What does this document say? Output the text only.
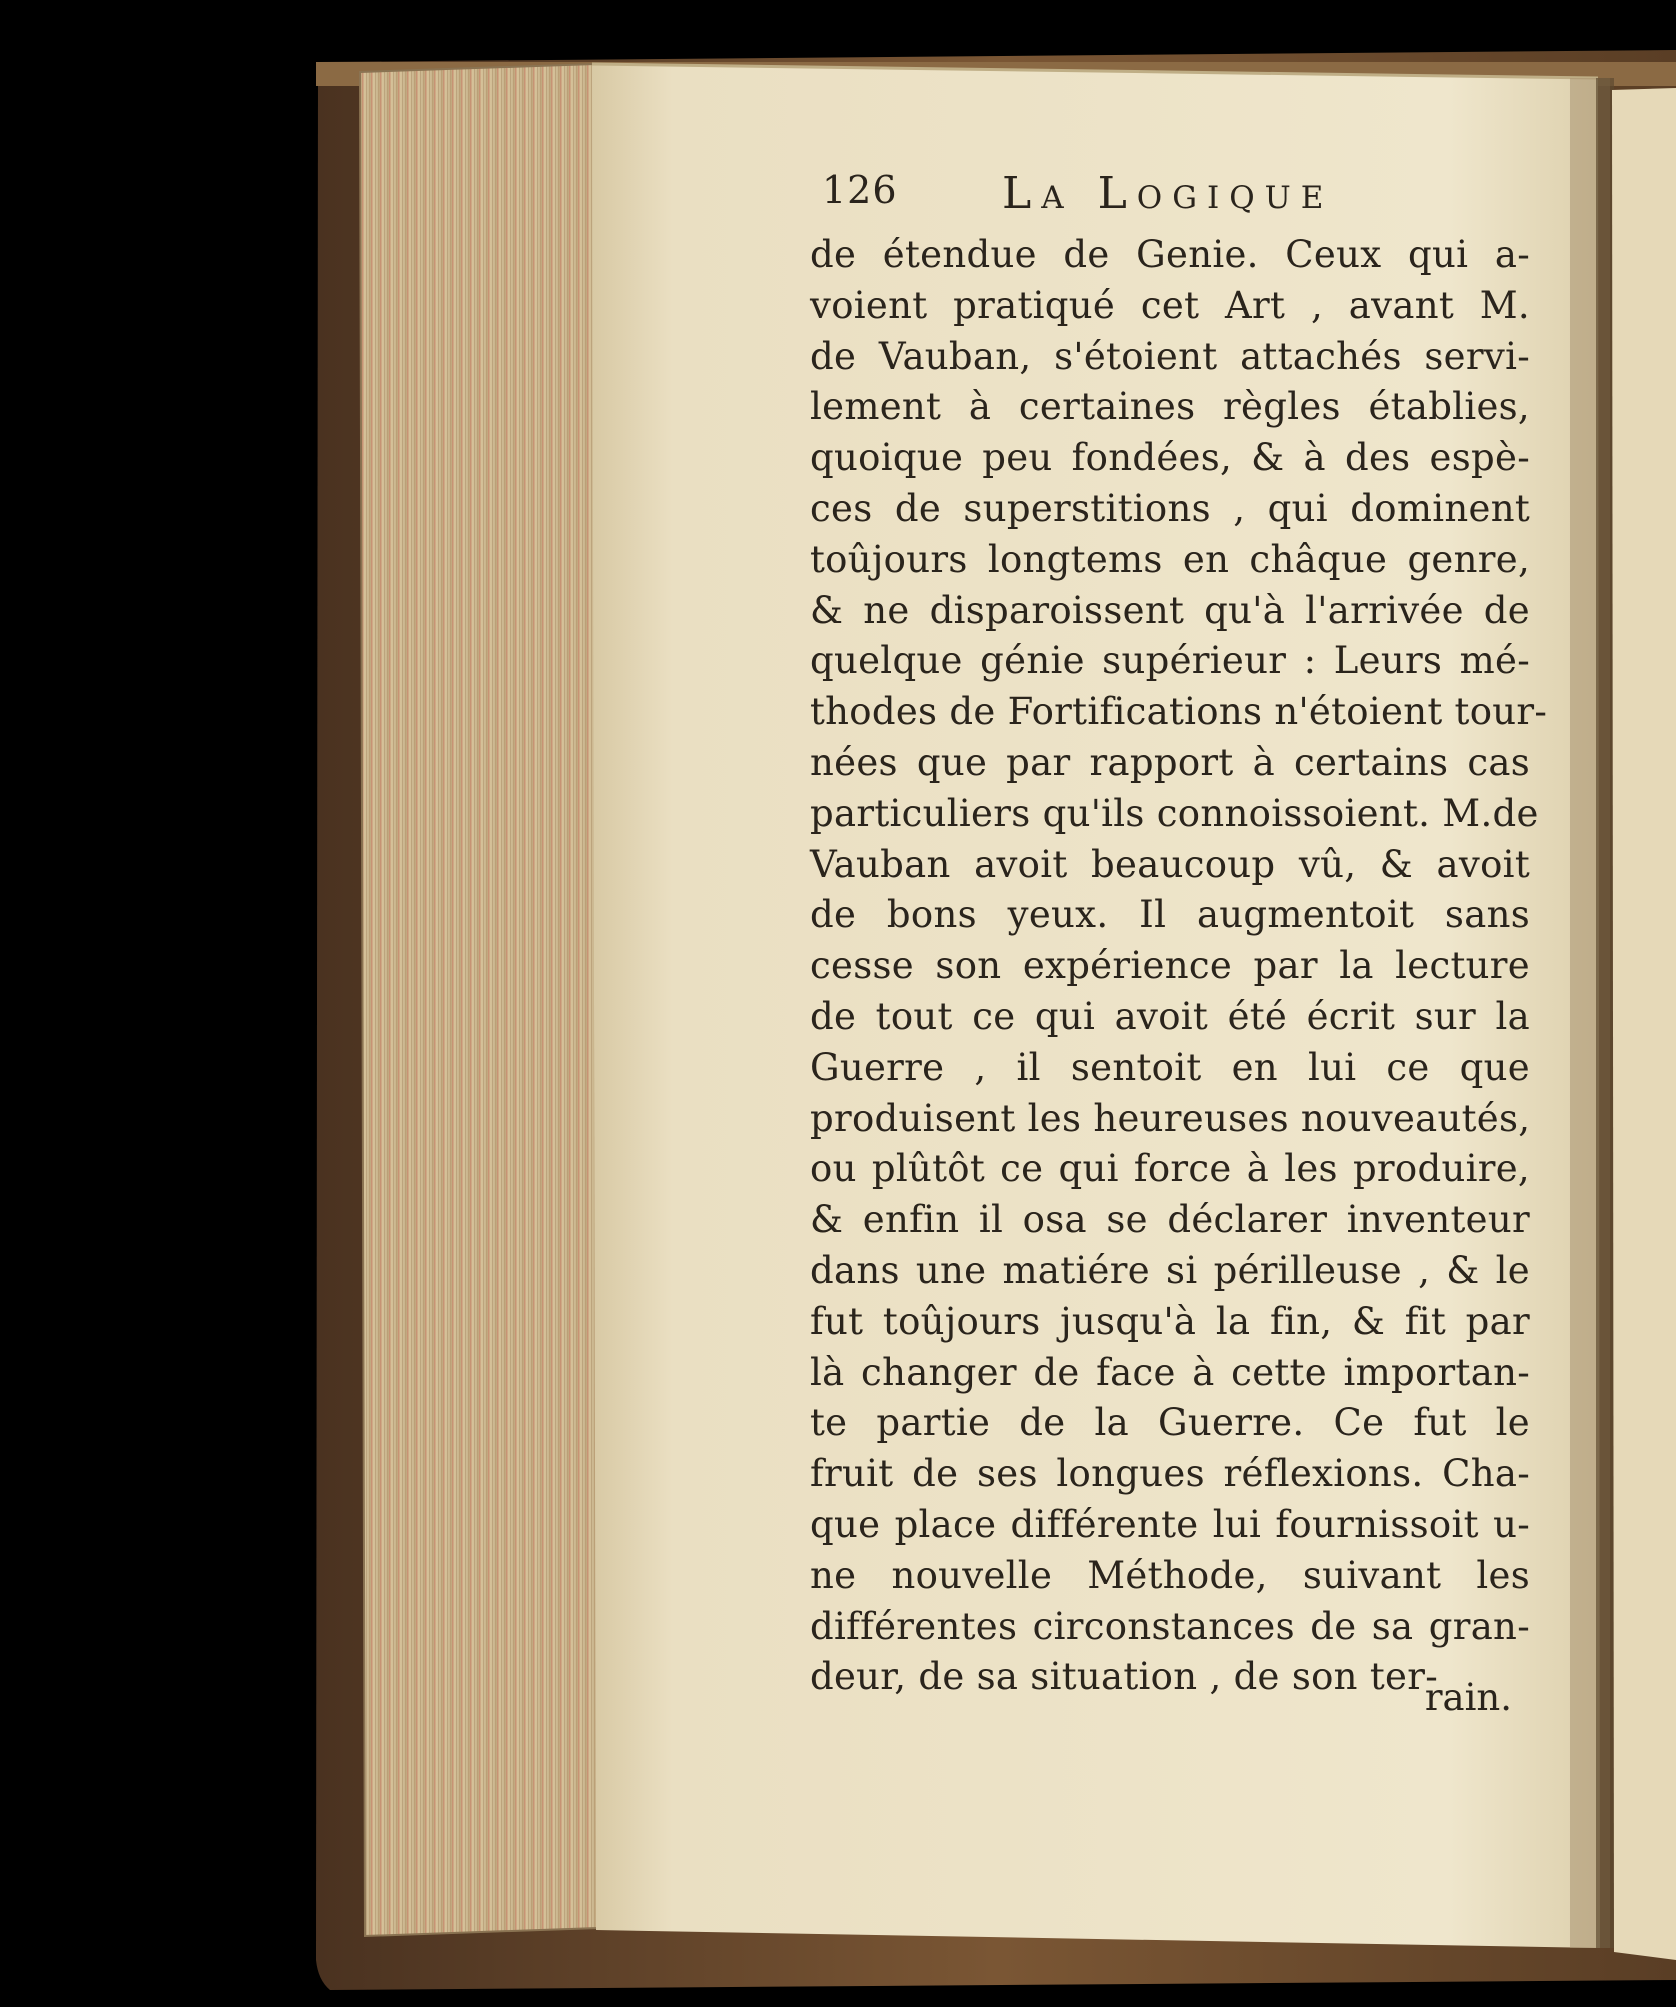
126 La Logique
de étendue de Genie. Ceux qui a-
voient pratiqué cet Art , avant M.
de Vauban, s'étoient attachés servi-
lement à certaines règles établies,
quoique peu fondées, & à des espè-
ces de superstitions , qui dominent
toûjours longtems en châque genre,
& ne disparoissent qu'à l'arrivée de
quelque génie supérieur : Leurs mé-
thodes de Fortifications n'étoient tour-
nées que par rapport à certains cas
particuliers qu'ils connoissoient. M.de
Vauban avoit beaucoup vû, & avoit
de bons yeux. Il augmentoit sans
cesse son expérience par la lecture
de tout ce qui avoit été écrit sur la
Guerre , il sentoit en lui ce que
produisent les heureuses nouveautés,
ou plûtôt ce qui force à les produire,
& enfin il osa se déclarer inventeur
dans une matiére si périlleuse , & le
fut toûjours jusqu'à la fin, & fit par
là changer de face à cette importan-
te partie de la Guerre. Ce fut le
fruit de ses longues réflexions. Cha-
que place différente lui fournissoit u-
ne nouvelle Méthode, suivant les
différentes circonstances de sa gran-
deur, de sa situation , de son ter-
rain.
